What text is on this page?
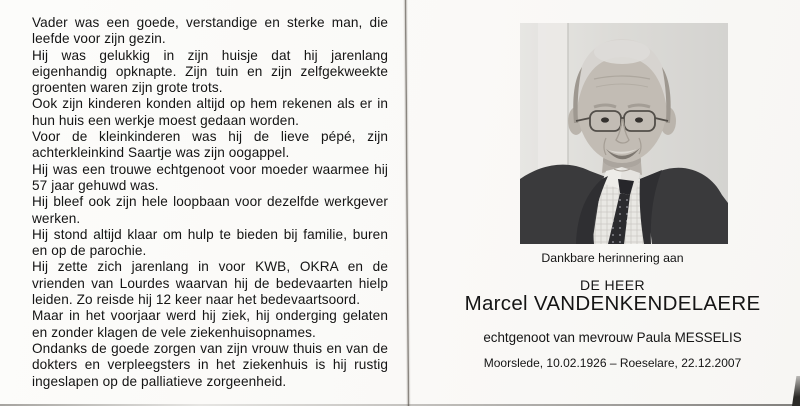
Vader was een goede, verstandige en sterke man, die leefde voor zijn gezin.

Hij was gelukkig in zijn huisje dat hij jarenlang eigenhandig opknapte. Zijn tuin en zijn zelfgekweekte groenten waren zijn grote trots.

Ook zijn kinderen konden altijd op hem rekenen als er in hun huis een werkje moest gedaan worden.

Voor de kleinkinderen was hij de lieve pépé, zijn achterkleinkind Saartje was zijn oogappel.

Hij was een trouwe echtgenoot voor moeder waarmee hij 57 jaar gehuwd was.

Hij bleef ook zijn hele loopbaan voor dezelfde werkgever werken.

Hij stond altijd klaar om hulp te bieden bij familie, buren en op de parochie.

Hij zette zich jarenlang in voor KWB, OKRA en de vrienden van Lourdes waarvan hij de bedevaarten hielp leiden. Zo reisde hij 12 keer naar het bedevaartsoord.

Maar in het voorjaar werd hij ziek, hij onderging gelaten en zonder klagen de vele ziekenhuisopnames.

Ondanks de goede zorgen van zijn vrouw thuis en van de dokters en verpleegsters in het ziekenhuis is hij rustig ingeslapen op de palliatieve zorgeenheid.

Dankbare herinnering aan
DE HEER
Marcel VANDENKENDELAERE
echtgenoot van mevrouw Paula MESSELIS
Moorslede, 10.02.1926 – Roeselare, 22.12.2007
